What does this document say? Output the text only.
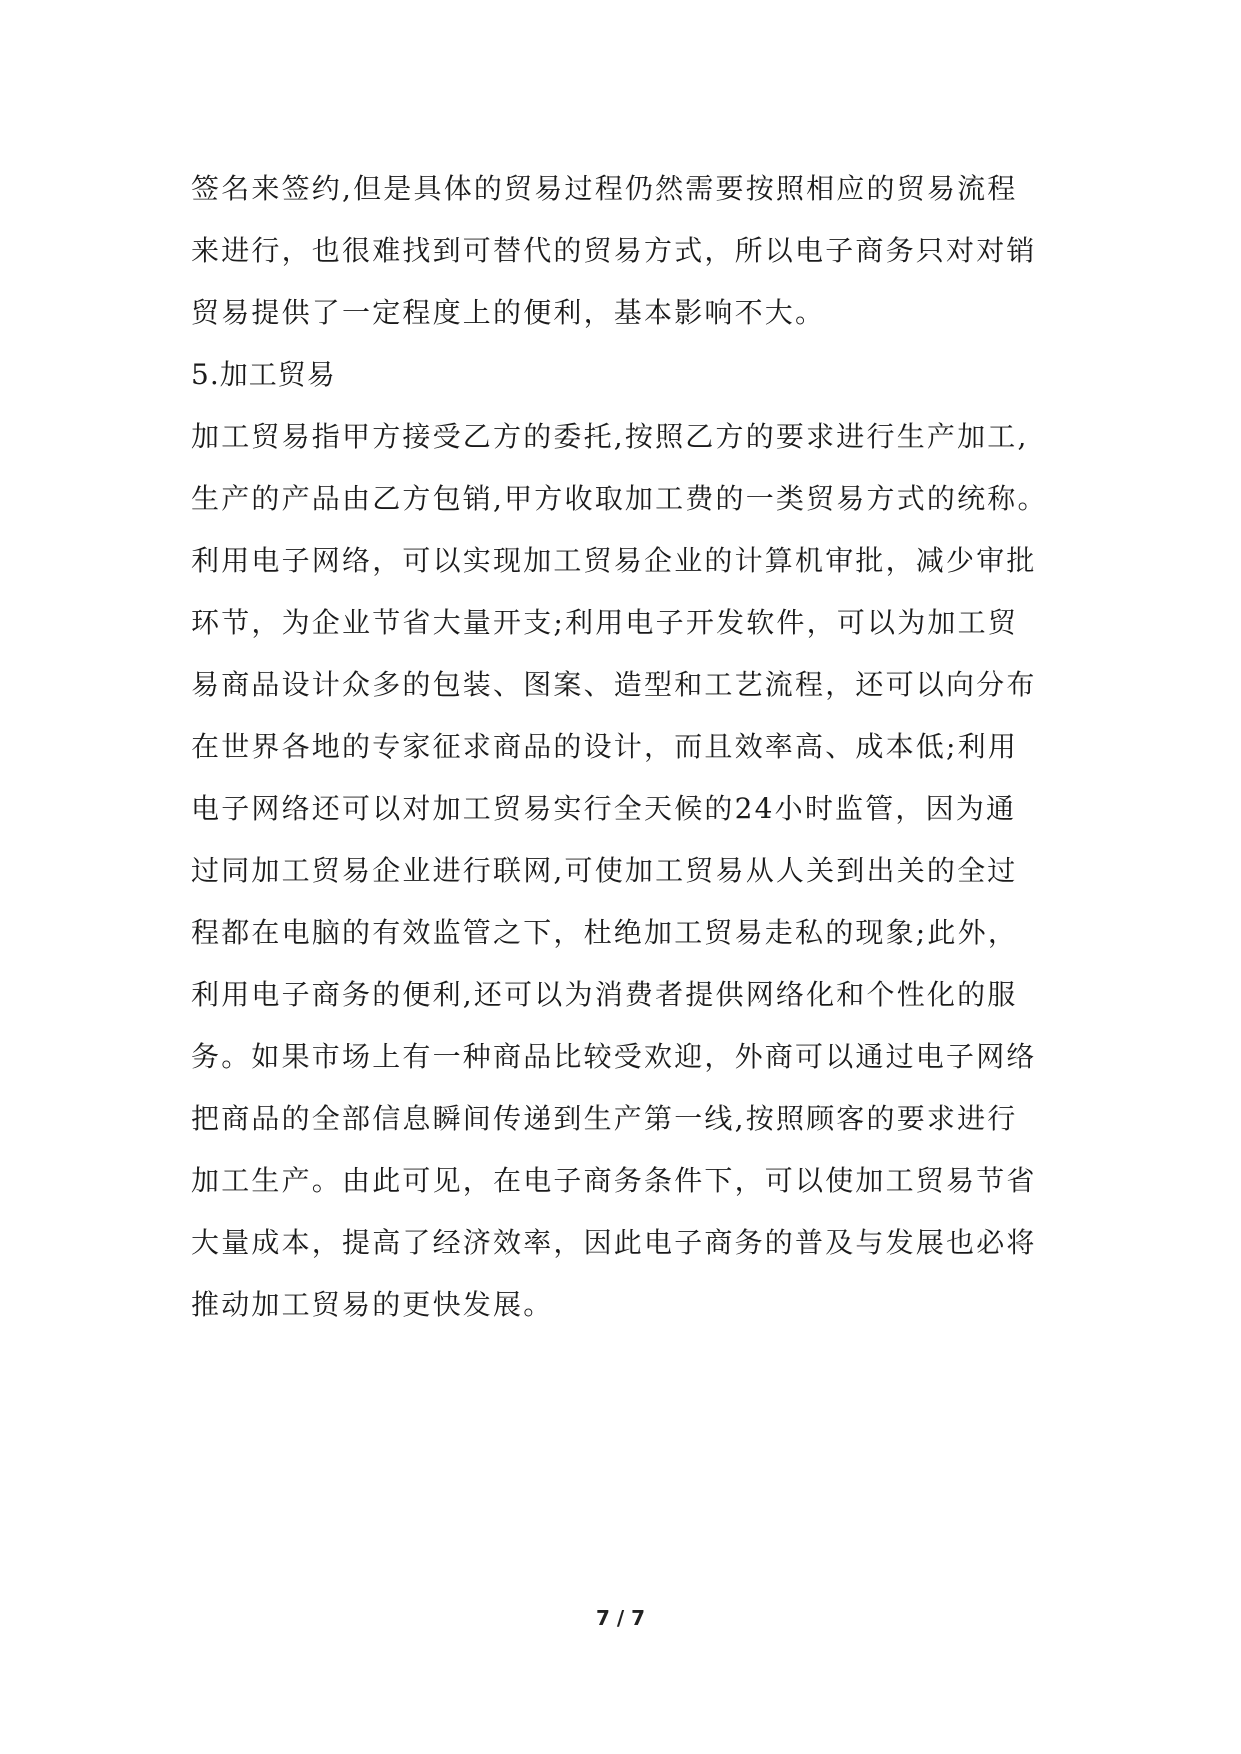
签名来签约,但是具体的贸易过程仍然需要按照相应的贸易流程
来进行，也很难找到可替代的贸易方式，所以电子商务只对对销
贸易提供了一定程度上的便利，基本影响不大。
5.加工贸易
加工贸易指甲方接受乙方的委托,按照乙方的要求进行生产加工,
生产的产品由乙方包销,甲方收取加工费的一类贸易方式的统称。
利用电子网络，可以实现加工贸易企业的计算机审批，减少审批
环节，为企业节省大量开支;利用电子开发软件，可以为加工贸
易商品设计众多的包装、图案、造型和工艺流程，还可以向分布
在世界各地的专家征求商品的设计，而且效率高、成本低;利用
电子网络还可以对加工贸易实行全天候的24小时监管，因为通
过同加工贸易企业进行联网,可使加工贸易从人关到出关的全过
程都在电脑的有效监管之下，杜绝加工贸易走私的现象;此外，
利用电子商务的便利,还可以为消费者提供网络化和个性化的服
务。如果市场上有一种商品比较受欢迎，外商可以通过电子网络
把商品的全部信息瞬间传递到生产第一线,按照顾客的要求进行
加工生产。由此可见，在电子商务条件下，可以使加工贸易节省
大量成本，提高了经济效率，因此电子商务的普及与发展也必将
推动加工贸易的更快发展。
7 / 7
